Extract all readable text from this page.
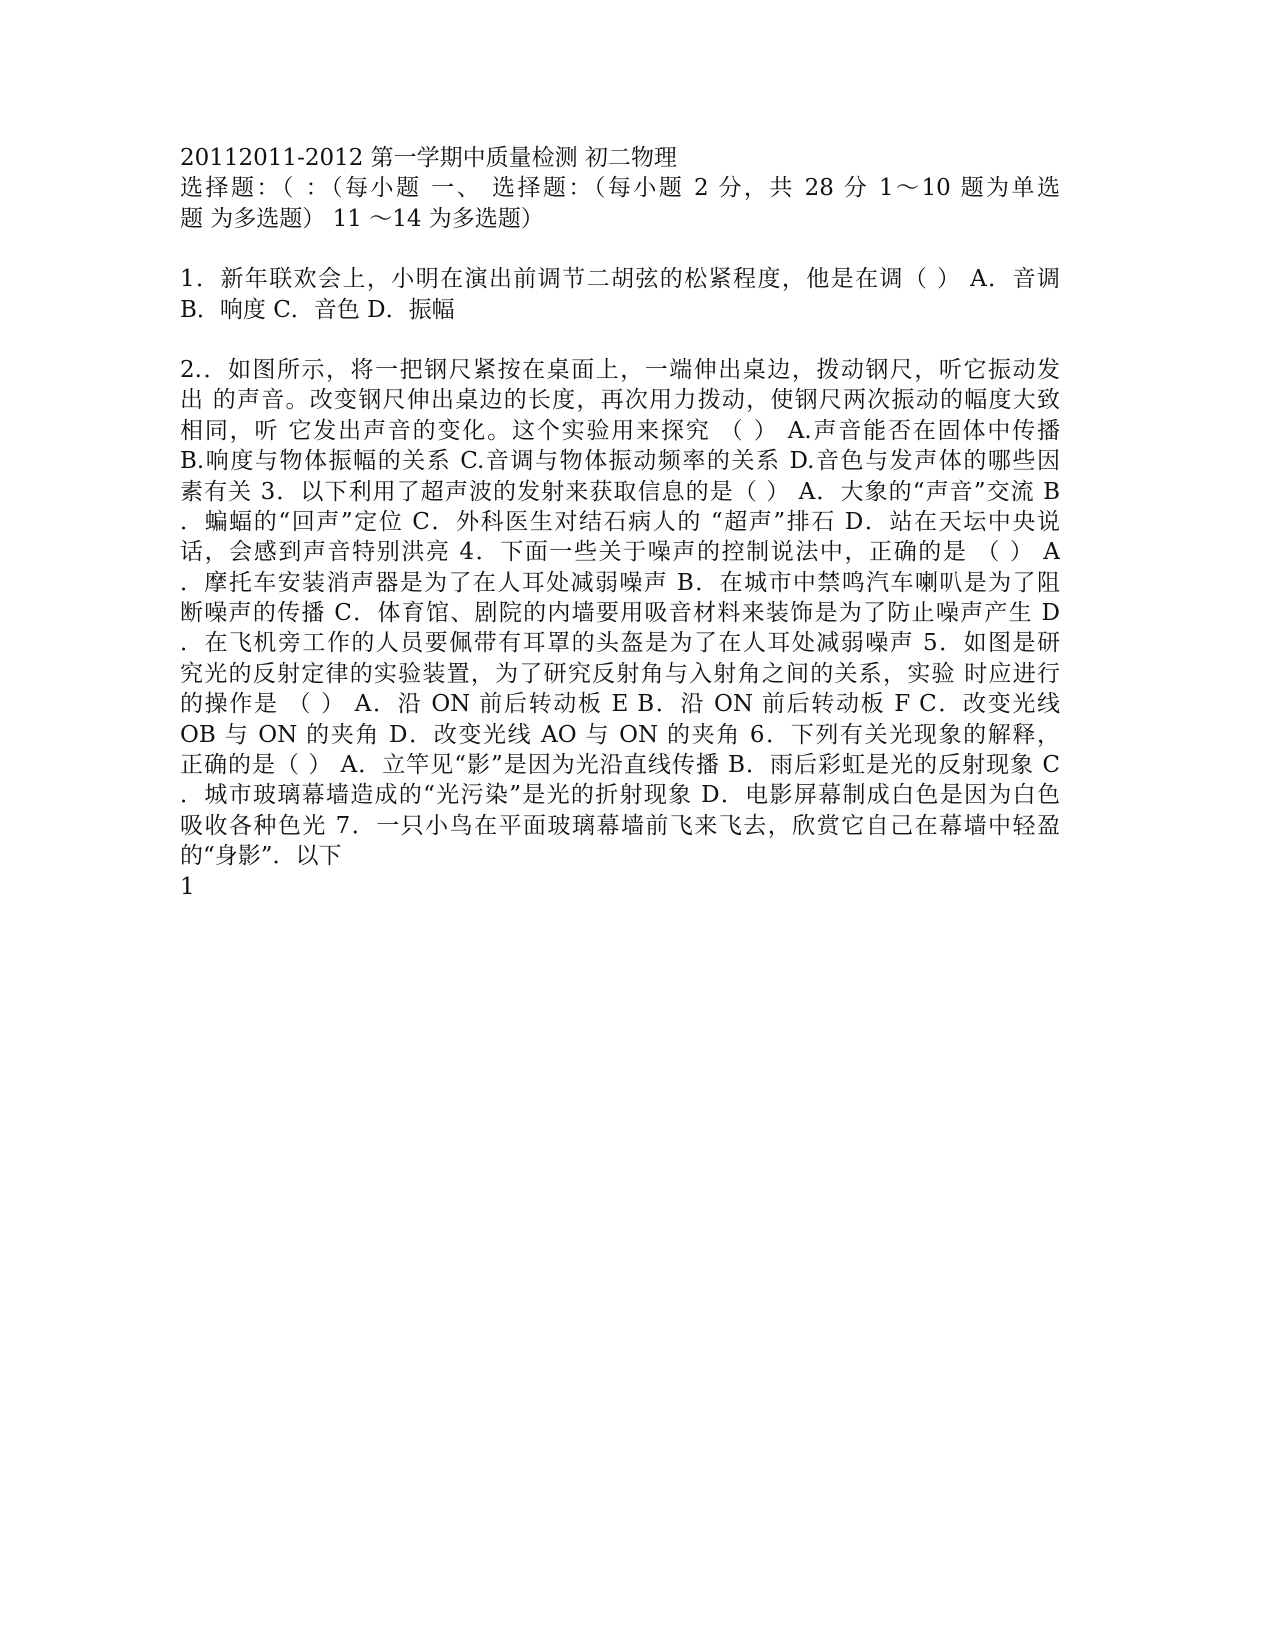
20112011-2012 第一学期中质量检测 初二物理
选择题：（ ：（每小题 一、 选择题：（每小题 2 分，共 28 分 1～10 题为单选
题 为多选题） 11 ～14 为多选题）
1．新年联欢会上，小明在演出前调节二胡弦的松紧程度，他是在调（ ） A．音调
B．响度 C．音色 D．振幅
2.．如图所示，将一把钢尺紧按在桌面上，一端伸出桌边，拨动钢尺，听它振动发
出 的声音。改变钢尺伸出桌边的长度，再次用力拨动，使钢尺两次振动的幅度大致
相同，听 它发出声音的变化。这个实验用来探究 （ ） A.声音能否在固体中传播
B.响度与物体振幅的关系 C.音调与物体振动频率的关系 D.音色与发声体的哪些因
素有关 3．以下利用了超声波的发射来获取信息的是（ ） A．大象的“声音”交流 B
．蝙蝠的“回声”定位 C．外科医生对结石病人的 “超声”排石 D．站在天坛中央说
话，会感到声音特别洪亮 4．下面一些关于噪声的控制说法中，正确的是 （ ） A
．摩托车安装消声器是为了在人耳处减弱噪声 B．在城市中禁鸣汽车喇叭是为了阻
断噪声的传播 C．体育馆、剧院的内墙要用吸音材料来装饰是为了防止噪声产生 D
．在飞机旁工作的人员要佩带有耳罩的头盔是为了在人耳处减弱噪声 5．如图是研
究光的反射定律的实验装置，为了研究反射角与入射角之间的关系，实验 时应进行
的操作是 （ ） A．沿 ON 前后转动板 E B．沿 ON 前后转动板 F C．改变光线
OB 与 ON 的夹角 D．改变光线 AO 与 ON 的夹角 6．下列有关光现象的解释，
正确的是（ ） A．立竿见“影”是因为光沿直线传播 B．雨后彩虹是光的反射现象 C
．城市玻璃幕墙造成的“光污染”是光的折射现象 D．电影屏幕制成白色是因为白色
吸收各种色光 7．一只小鸟在平面玻璃幕墙前飞来飞去，欣赏它自己在幕墙中轻盈
的“身影”．以下
1
